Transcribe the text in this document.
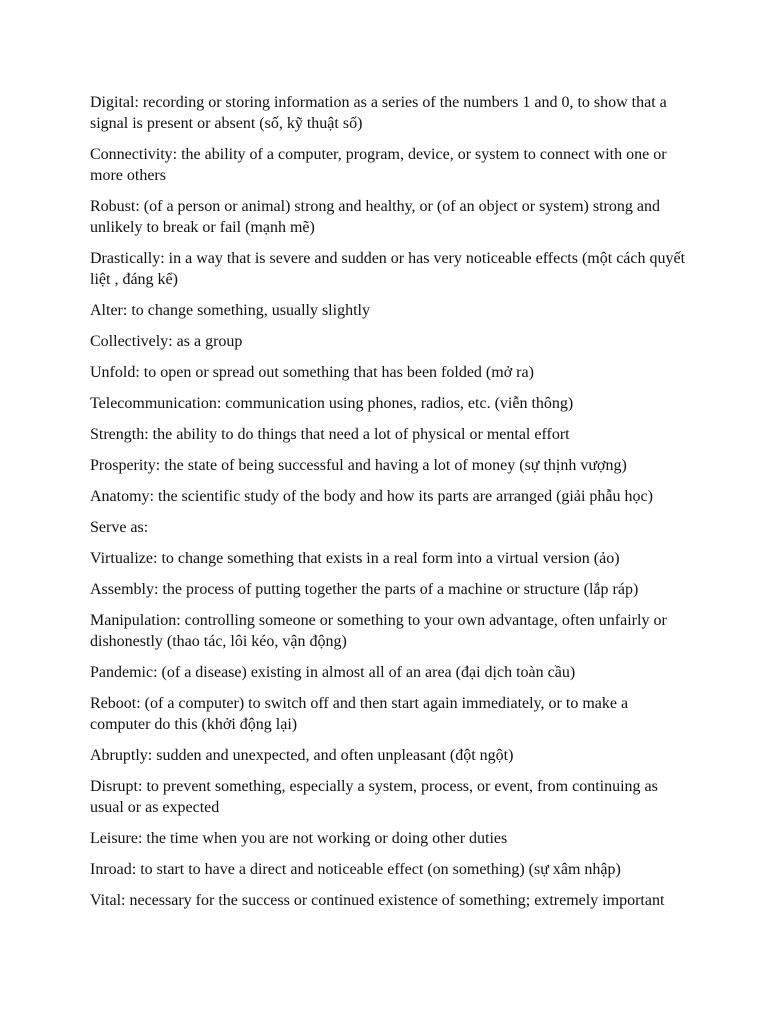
Digital: recording or storing information as a series of the numbers 1 and 0, to show that a signal is present or absent (số, kỹ thuật số)

Connectivity: the ability of a computer, program, device, or system to connect with one or more others

Robust: (of a person or animal) strong and healthy, or (of an object or system) strong and unlikely to break or fail (mạnh mẽ)

Drastically: in a way that is severe and sudden or has very noticeable effects (một cách quyết liệt , đáng kể)

Alter: to change something, usually slightly

Collectively: as a group

Unfold: to open or spread out something that has been folded (mở ra)

Telecommunication: communication using phones, radios, etc. (viễn thông)

Strength: the ability to do things that need a lot of physical or mental effort

Prosperity: the state of being successful and having a lot of money (sự thịnh vượng)

Anatomy: the scientific study of the body and how its parts are arranged (giải phẫu học)

Serve as:

Virtualize: to change something that exists in a real form into a virtual version (ảo)

Assembly: the process of putting together the parts of a machine or structure (lắp ráp)

Manipulation: controlling someone or something to your own advantage, often unfairly or dishonestly (thao tác, lôi kéo, vận động)

Pandemic: (of a disease) existing in almost all of an area (đại dịch toàn cầu)

Reboot: (of a computer) to switch off and then start again immediately, or to make a computer do this (khởi động lại)

Abruptly: sudden and unexpected, and often unpleasant (đột ngột)

Disrupt: to prevent something, especially a system, process, or event, from continuing as usual or as expected

Leisure: the time when you are not working or doing other duties

Inroad: to start to have a direct and noticeable effect (on something) (sự xâm nhập)

Vital: necessary for the success or continued existence of something; extremely important
